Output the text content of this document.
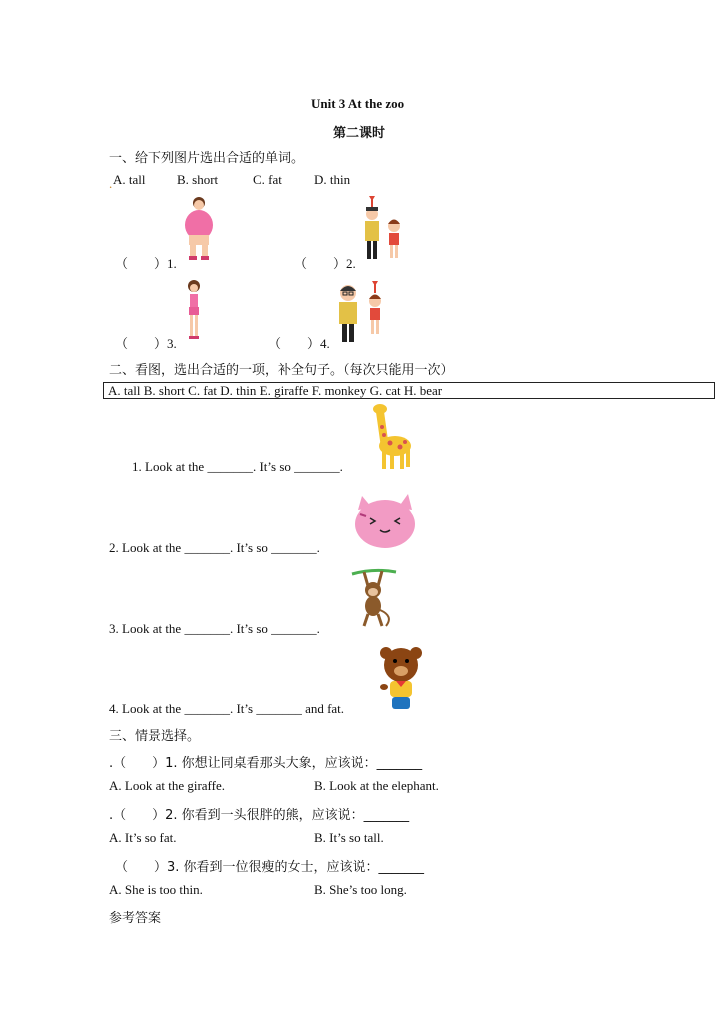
Unit 3 At the zoo
第二课时
一、给下列图片选出合适的单词。
. A. tall B. short	C. fat D. thin
（　　）1.	（　　）2.
（　　）3.	（　　）4.
二、看图，选出合适的一项，补全句子。（每次只能用一次）
A. tall B. short C. fat D. thin E. giraffe F. monkey G. cat H. bear
1. Look at the _______. It’s so _______.
2. Look at the _______. It’s so _______.
3. Look at the _______. It’s so _______.
4. Look at the _______. It’s _______ and fat.
三、情景选择。
.（　　）1. 你想让同桌看那头大象，应该说：_______
A. Look at the giraffe.	B. Look at the elephant.
.（　　）2. 你看到一头很胖的熊，应该说：_______
A. It’s so fat.	B. It’s so tall.
（　　）3. 你看到一位很瘦的女士，应该说：_______
A. She is too thin.	B. She’s too long.
参考答案
